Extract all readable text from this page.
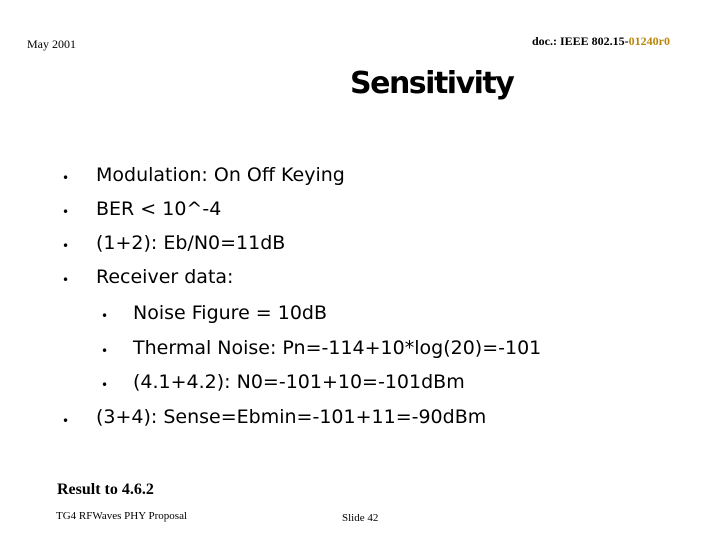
May 2001	doc.: IEEE 802.15-01240r0
Sensitivity
• Modulation: On Off Keying
• BER < 10^-4
• (1+2): Eb/N0=11dB
• Receiver data:
• Noise Figure = 10dB
• Thermal Noise: Pn=-114+10*log(20)=-101
• (4.1+4.2): N0=-101+10=-101dBm
• (3+4): Sense=Ebmin=-101+11=-90dBm
Result to 4.6.2
TG4 RFWaves PHY Proposal	Slide 42
